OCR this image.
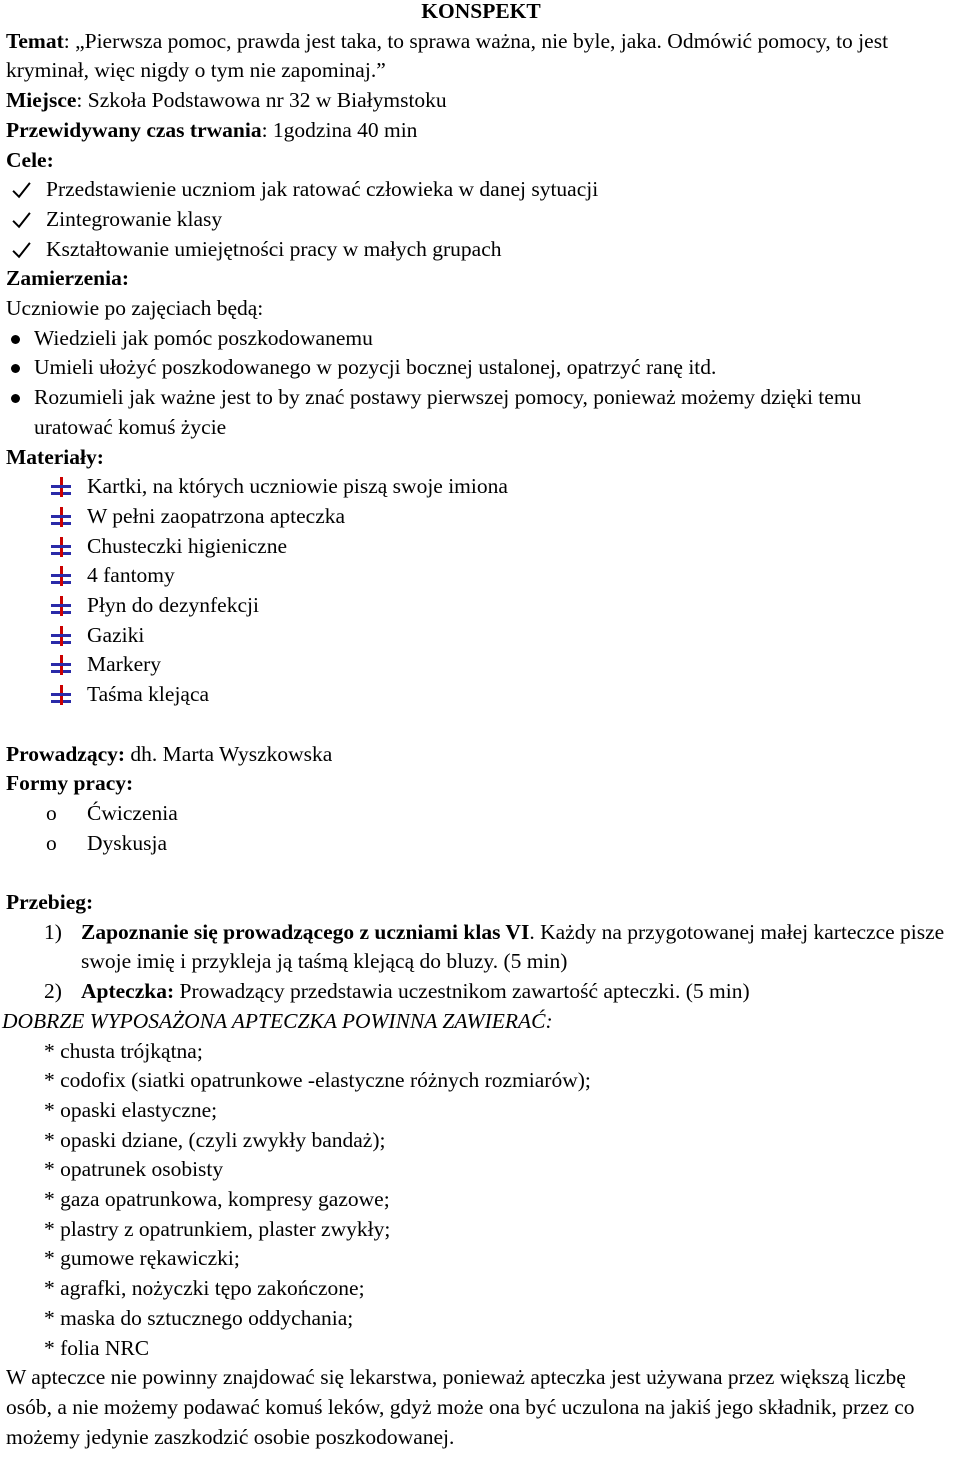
KONSPEKT
Temat: „Pierwsza pomoc, prawda jest taka, to sprawa ważna, nie byle, jaka. Odmówić pomocy, to jest kryminał, więc nigdy o tym nie zapominaj.”
Miejsce: Szkoła Podstawowa nr 32 w Białymstoku
Przewidywany czas trwania: 1godzina 40 min
Cele:
Przedstawienie uczniom jak ratować człowieka w danej sytuacji
Zintegrowanie klasy
Kształtowanie umiejętności pracy w małych grupach
Zamierzenia:
Uczniowie po zajęciach będą:
Wiedzieli jak pomóc poszkodowanemu
Umieli ułożyć poszkodowanego w pozycji bocznej ustalonej, opatrzyć ranę itd.
Rozumieli jak ważne jest to by znać postawy pierwszej pomocy, ponieważ możemy dzięki temu uratować komuś życie
Materiały:
Kartki, na których uczniowie piszą swoje imiona
W pełni zaopatrzona apteczka
Chusteczki higieniczne
4 fantomy
Płyn do dezynfekcji
Gaziki
Markery
Taśma klejąca
Prowadzący: dh. Marta Wyszkowska
Formy pracy:
o Ćwiczenia
o Dyskusja
Przebieg:
1) Zapoznanie się prowadzącego z uczniami klas VI. Każdy na przygotowanej małej karteczce pisze swoje imię i przykleja ją taśmą klejącą do bluzy. (5 min)
2) Apteczka: Prowadzący przedstawia uczestnikom zawartość apteczki. (5 min)
DOBRZE WYPOSAŻONA APTECZKA POWINNA ZAWIERAĆ:
* chusta trójkątna;
* codofix (siatki opatrunkowe -elastyczne różnych rozmiarów);
* opaski elastyczne;
* opaski dziane, (czyli zwykły bandaż);
* opatrunek osobisty
* gaza opatrunkowa, kompresy gazowe;
* plastry z opatrunkiem, plaster zwykły;
* gumowe rękawiczki;
* agrafki, nożyczki tępo zakończone;
* maska do sztucznego oddychania;
* folia NRC
W apteczce nie powinny znajdować się lekarstwa, ponieważ apteczka jest używana przez większą liczbę osób, a nie możemy podawać komuś leków, gdyż może ona być uczulona na jakiś jego składnik, przez co możemy jedynie zaszkodzić osobie poszkodowanej.
